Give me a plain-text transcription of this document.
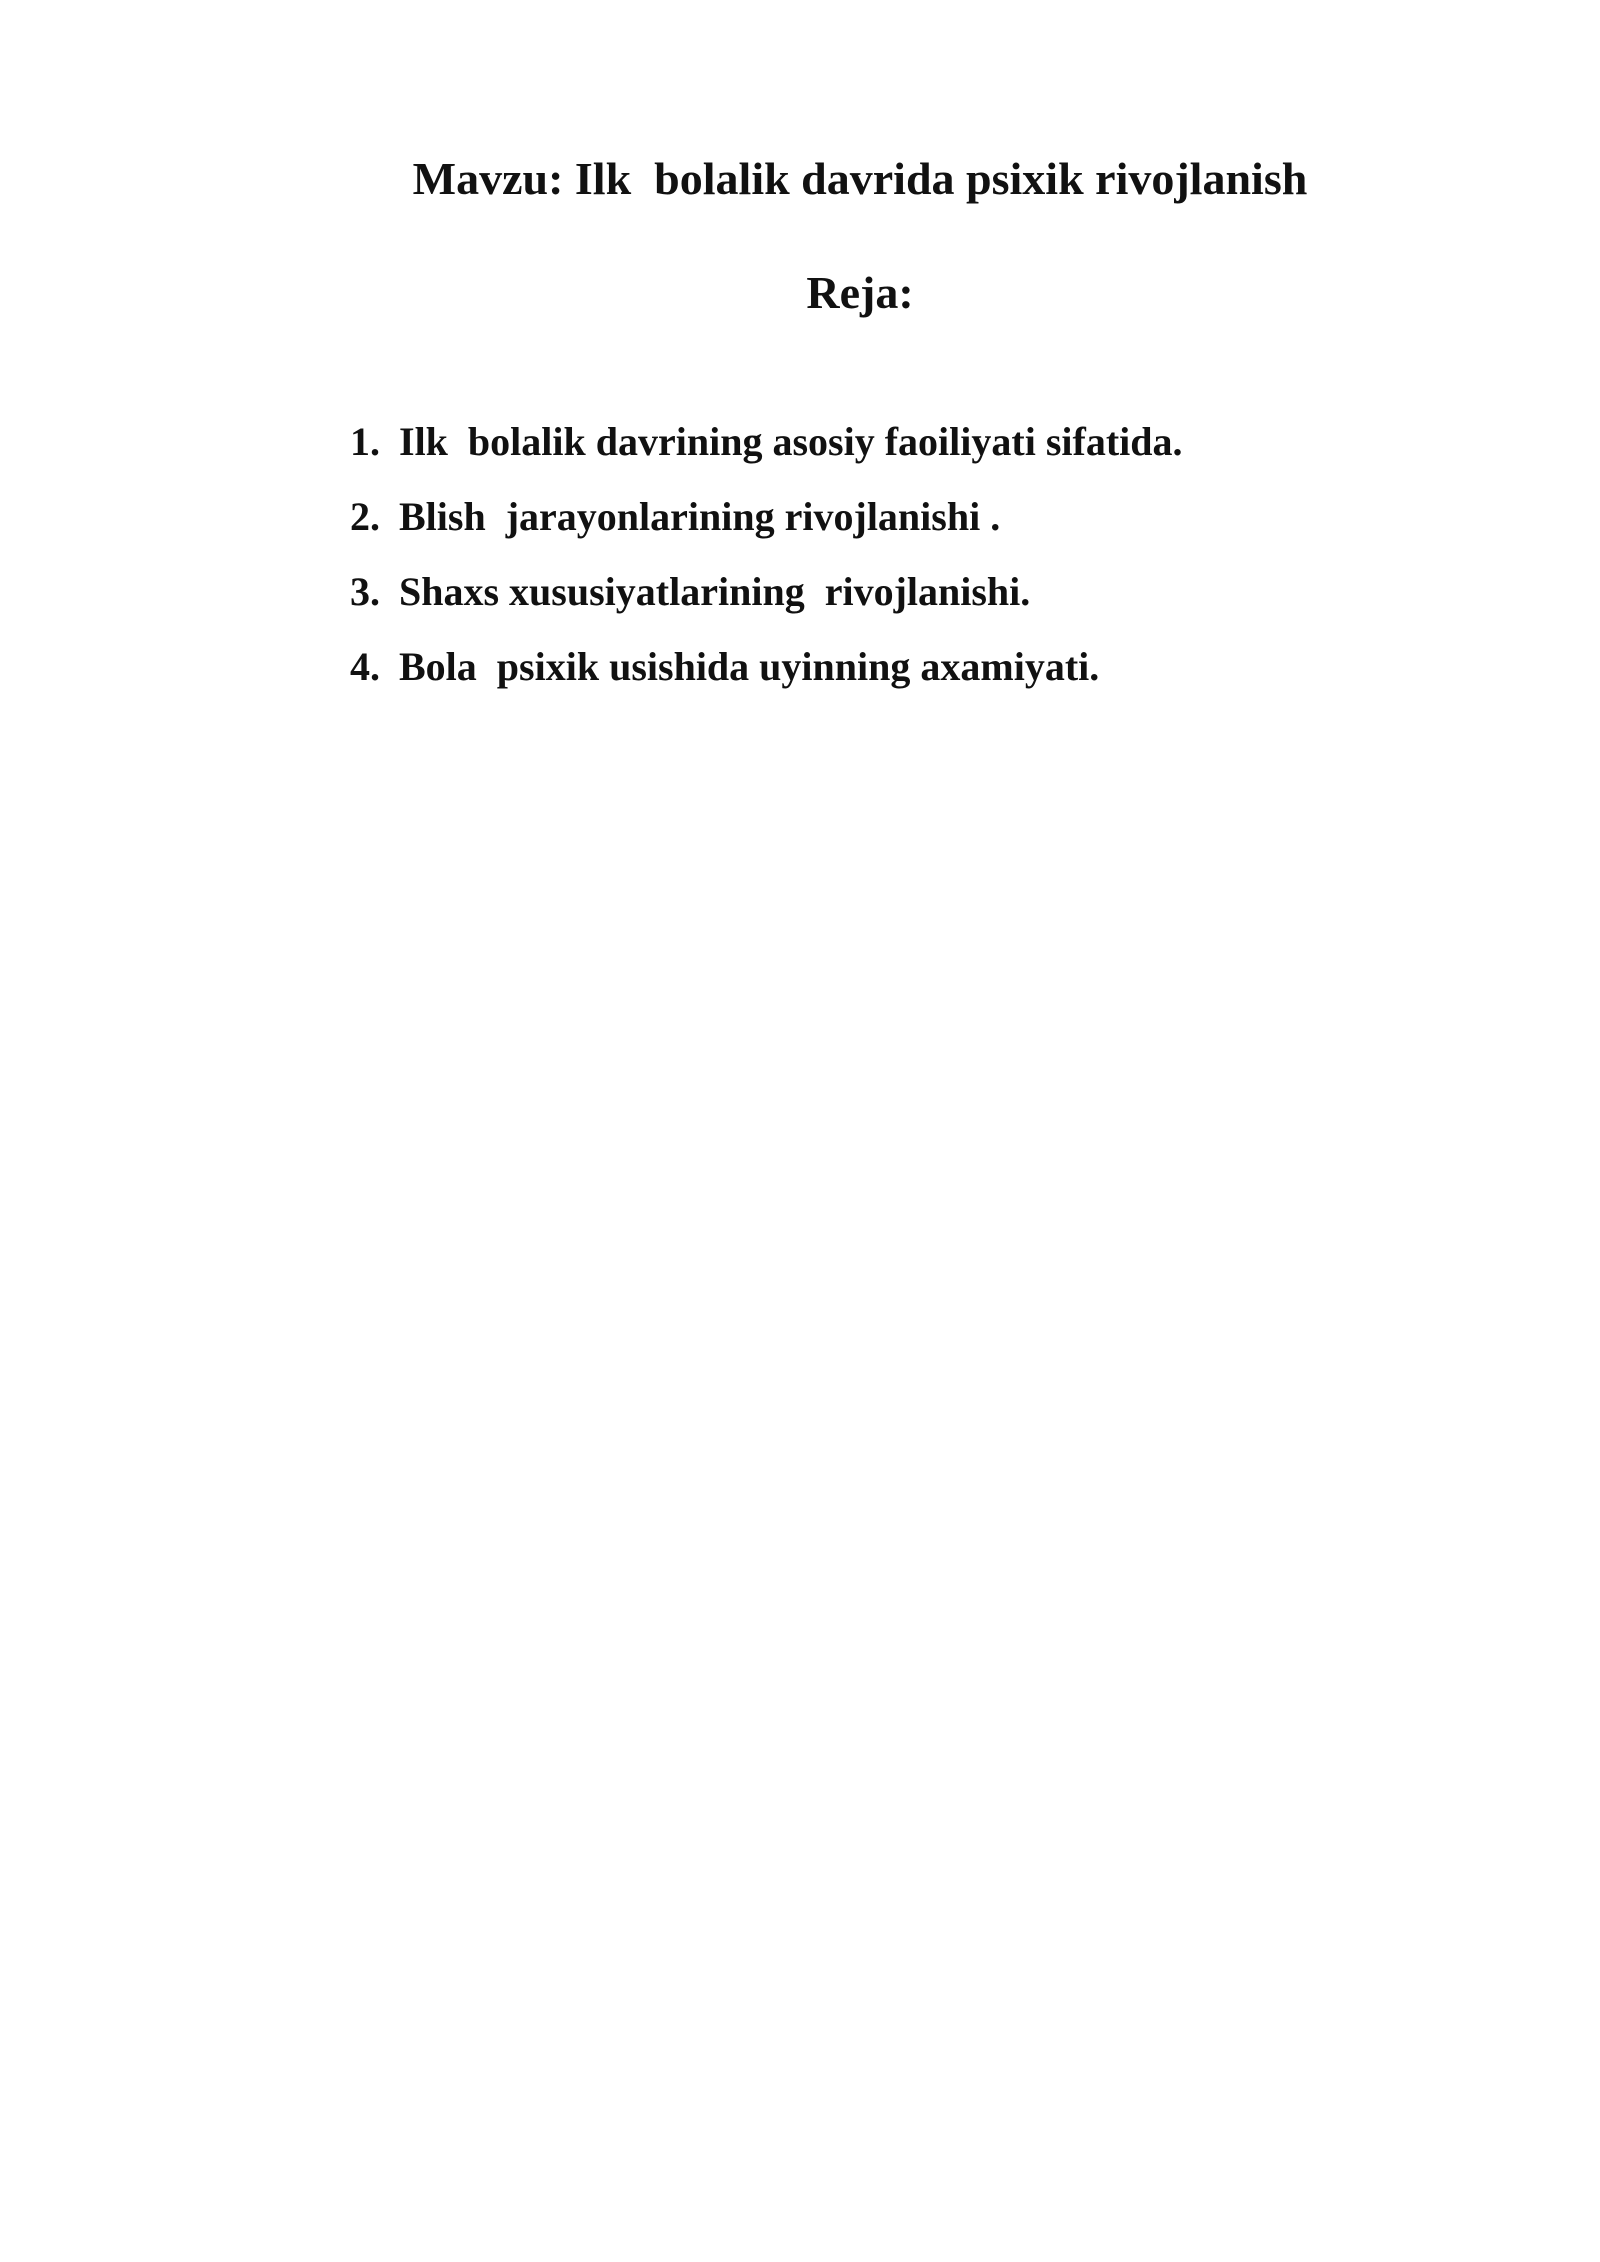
Mavzu: Ilk  bolalik davrida psixik rivojlanish
Reja:
1. Ilk  bolalik davrining asosiy faoiliyati sifatida.
2. Blish  jarayonlarining rivojlanishi .
3. Shaxs xususiyatlarining  rivojlanishi.
4. Bola  psixik usishida uyinning axamiyati.
